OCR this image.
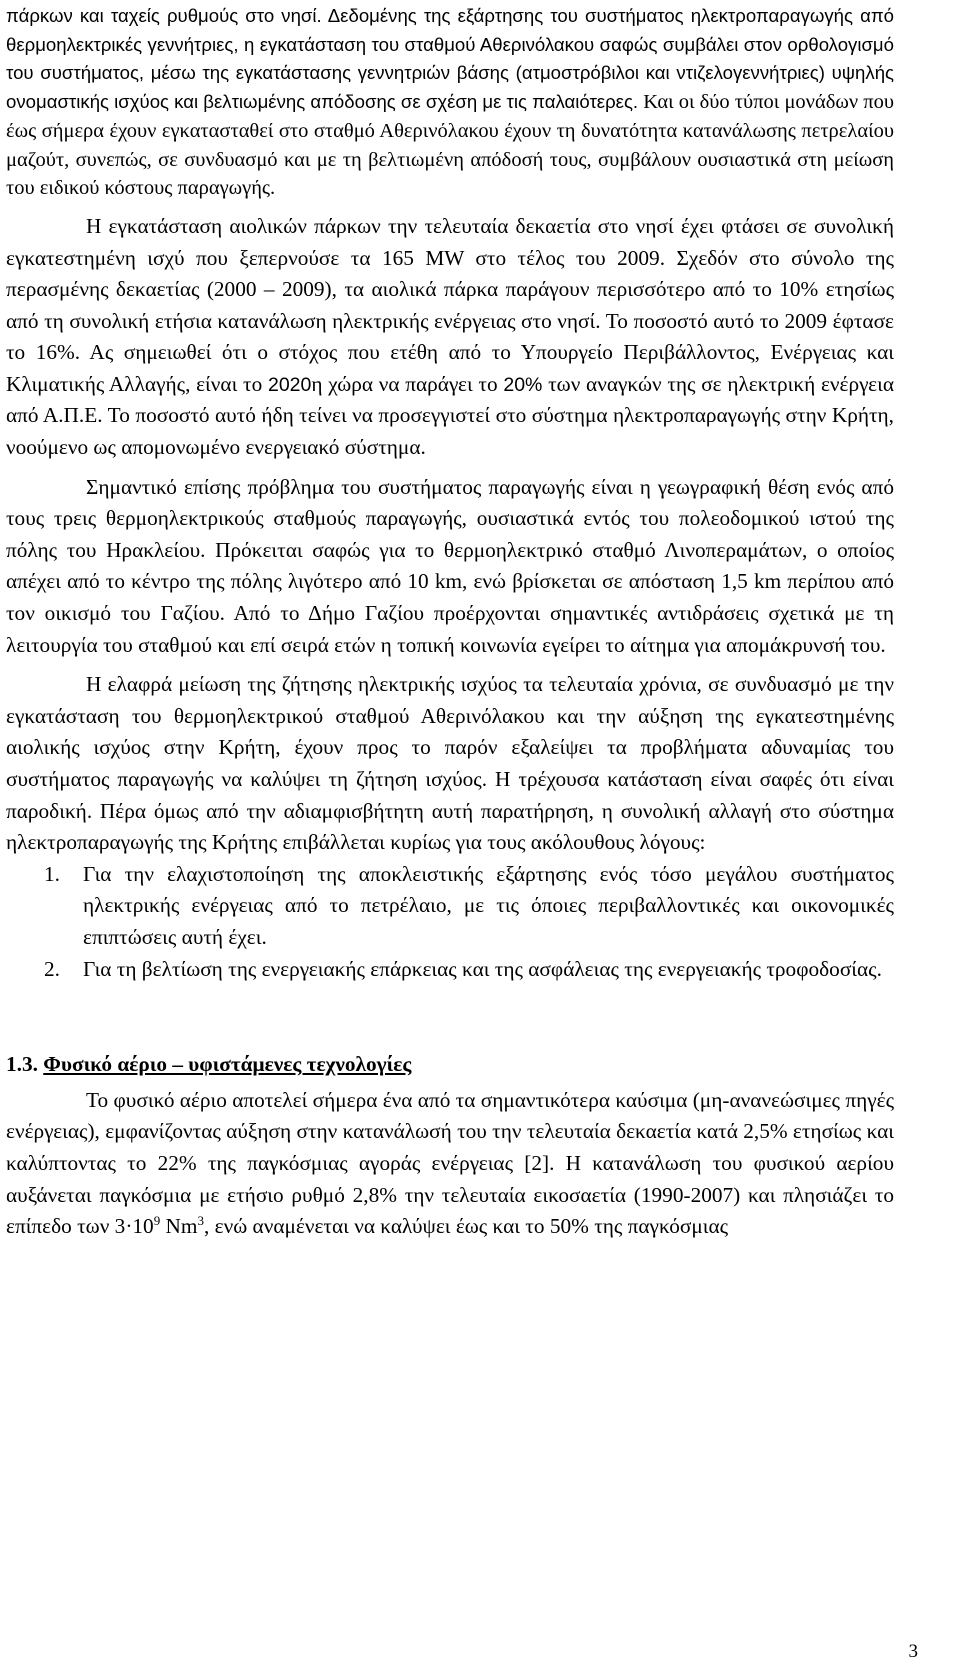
πάρκων και ταχείς ρυθμούς στο νησί. Δεδομένης της εξάρτησης του συστήματος ηλεκτροπαραγωγής από θερμοηλεκτρικές γεννήτριες, η εγκατάσταση του σταθμού Αθερινόλακου σαφώς συμβάλει στον ορθολογισμό του συστήματος, μέσω της εγκατάστασης γεννητριών βάσης (ατμοστρόβιλοι και ντιζελογεννήτριες) υψηλής ονομαστικής ισχύος και βελτιωμένης απόδοσης σε σχέση με τις παλαιότερες. Και οι δύο τύποι μονάδων που έως σήμερα έχουν εγκατασταθεί στο σταθμό Αθερινόλακου έχουν τη δυνατότητα κατανάλωσης πετρελαίου μαζούτ, συνεπώς, σε συνδυασμό και με τη βελτιωμένη απόδοσή τους, συμβάλουν ουσιαστικά στη μείωση του ειδικού κόστους παραγωγής.

Η εγκατάσταση αιολικών πάρκων την τελευταία δεκαετία στο νησί έχει φτάσει σε συνολική εγκατεστημένη ισχύ που ξεπερνούσε τα 165 MW στο τέλος του 2009. Σχεδόν στο σύνολο της περασμένης δεκαετίας (2000 – 2009), τα αιολικά πάρκα παράγουν περισσότερο από το 10% ετησίως από τη συνολική ετήσια κατανάλωση ηλεκτρικής ενέργειας στο νησί. Το ποσοστό αυτό το 2009 έφτασε το 16%. Ας σημειωθεί ότι ο στόχος που ετέθη από το Υπουργείο Περιβάλλοντος, Ενέργειας και Κλιματικής Αλλαγής, είναι το 2020η χώρα να παράγει το 20% των αναγκών της σε ηλεκτρική ενέργεια από Α.Π.Ε. Το ποσοστό αυτό ήδη τείνει να προσεγγιστεί στο σύστημα ηλεκτροπαραγωγής στην Κρήτη, νοούμενο ως απομονωμένο ενεργειακό σύστημα.

Σημαντικό επίσης πρόβλημα του συστήματος παραγωγής είναι η γεωγραφική θέση ενός από τους τρεις θερμοηλεκτρικούς σταθμούς παραγωγής, ουσιαστικά εντός του πολεοδομικού ιστού της πόλης του Ηρακλείου. Πρόκειται σαφώς για το θερμοηλεκτρικό σταθμό Λινοπεραμάτων, ο οποίος απέχει από το κέντρο της πόλης λιγότερο από 10 km, ενώ βρίσκεται σε απόσταση 1,5 km περίπου από τον οικισμό του Γαζίου. Από το Δήμο Γαζίου προέρχονται σημαντικές αντιδράσεις σχετικά με τη λειτουργία του σταθμού και επί σειρά ετών η τοπική κοινωνία εγείρει το αίτημα για απομάκρυνσή του.

Η ελαφρά μείωση της ζήτησης ηλεκτρικής ισχύος τα τελευταία χρόνια, σε συνδυασμό με την εγκατάσταση του θερμοηλεκτρικού σταθμού Αθερινόλακου και την αύξηση της εγκατεστημένης αιολικής ισχύος στην Κρήτη, έχουν προς το παρόν εξαλείψει τα προβλήματα αδυναμίας του συστήματος παραγωγής να καλύψει τη ζήτηση ισχύος. Η τρέχουσα κατάσταση είναι σαφές ότι είναι παροδική. Πέρα όμως από την αδιαμφισβήτητη αυτή παρατήρηση, η συνολική αλλαγή στο σύστημα ηλεκτροπαραγωγής της Κρήτης επιβάλλεται κυρίως για τους ακόλουθους λόγους:

1. Για την ελαχιστοποίηση της αποκλειστικής εξάρτησης ενός τόσο μεγάλου συστήματος ηλεκτρικής ενέργειας από το πετρέλαιο, με τις όποιες περιβαλλοντικές και οικονομικές επιπτώσεις αυτή έχει.
2. Για τη βελτίωση της ενεργειακής επάρκειας και της ασφάλειας της ενεργειακής τροφοδοσίας.
1.3. Φυσικό αέριο – υφιστάμενες τεχνολογίες

Το φυσικό αέριο αποτελεί σήμερα ένα από τα σημαντικότερα καύσιμα (μη-ανανεώσιμες πηγές ενέργειας), εμφανίζοντας αύξηση στην κατανάλωσή του την τελευταία δεκαετία κατά 2,5% ετησίως και καλύπτοντας το 22% της παγκόσμιας αγοράς ενέργειας [2]. Η κατανάλωση του φυσικού αερίου αυξάνεται παγκόσμια με ετήσιο ρυθμό 2,8% την τελευταία εικοσαετία (1990-2007) και πλησιάζει το επίπεδο των $3\cdot 10^9$ Nm$^3$, ενώ αναμένεται να καλύψει έως και το 50% της παγκόσμιας

3
